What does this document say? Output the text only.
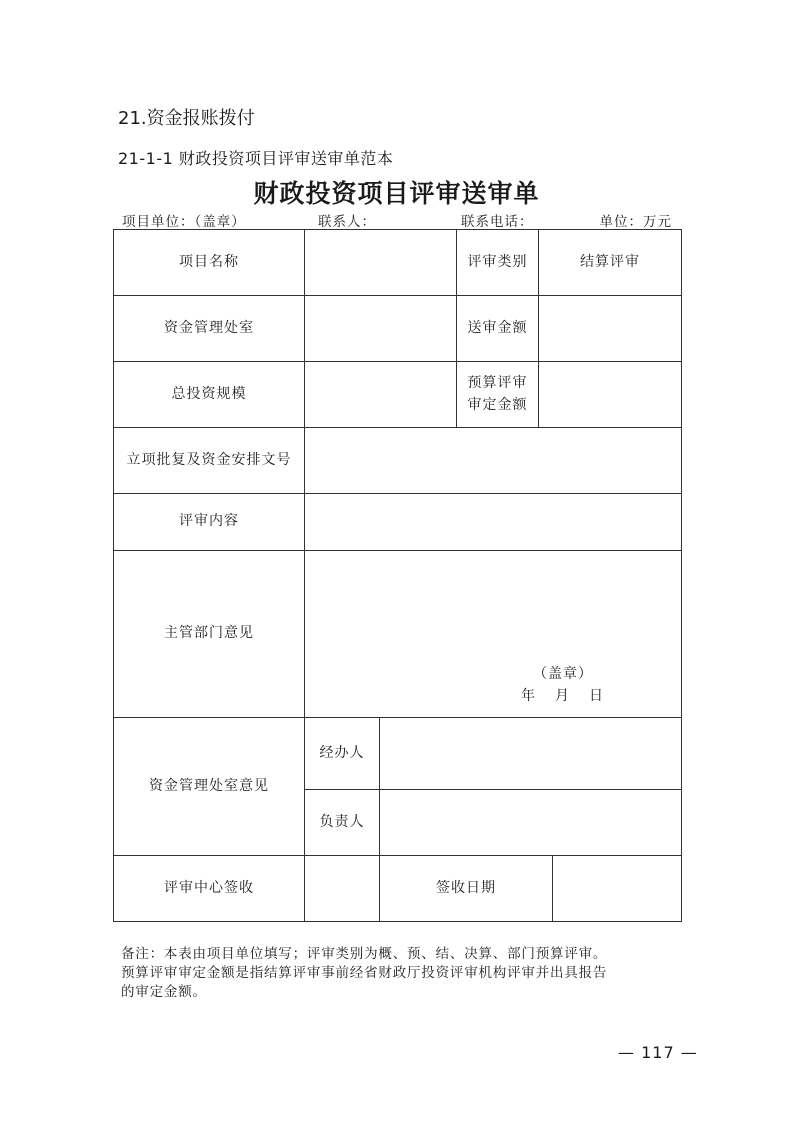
21.资金报账拨付
21-1-1 财政投资项目评审送审单范本
财政投资项目评审送审单
项目单位：（盖章）	联系人：	联系电话：	单位：万元
项目名称			评审类别	结算评审	
资金管理处室			送审金额		
总投资规模			预算评审
审定金额		

立项批复及资金安排文号					
评审内容					
主管部门意见	（盖章）
年 月 日				

资金管理处室意见	经办人				
	负责人				
评审中心签收		签收日期			
备注：本表由项目单位填写；评审类别为概、预、结、决算、部门预算评审。
预算评审审定金额是指结算评审事前经省财政厅投资评审机构评审并出具报告
的审定金额。
— 117 —
